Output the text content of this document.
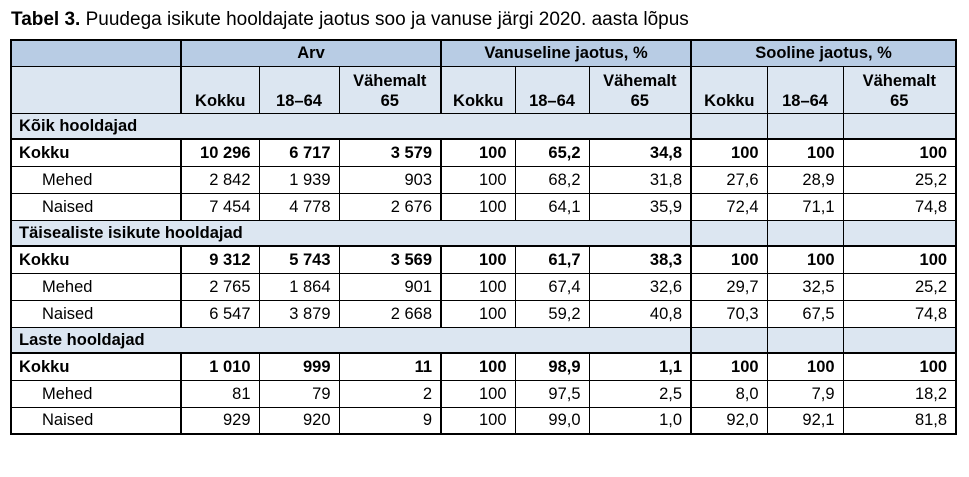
Tabel 3. Puudega isikute hooldajate jaotus soo ja vanuse järgi 2020. aasta lõpus
	Arv			Vanuseline jaotus, %			Sooline jaotus, %		
	Kokku	18–64	Vähemalt 65	Kokku	18–64	Vähemalt 65	Kokku	18–64	Vähemalt 65
Kõik hooldajad									
Kokku	10 296	6 717	3 579	100	65,2	34,8	100	100	100
Mehed	2 842	1 939	903	100	68,2	31,8	27,6	28,9	25,2
Naised	7 454	4 778	2 676	100	64,1	35,9	72,4	71,1	74,8
Täisealiste isikute hooldajad									
Kokku	9 312	5 743	3 569	100	61,7	38,3	100	100	100
Mehed	2 765	1 864	901	100	67,4	32,6	29,7	32,5	25,2
Naised	6 547	3 879	2 668	100	59,2	40,8	70,3	67,5	74,8
Laste hooldajad									
Kokku	1 010	999	11	100	98,9	1,1	100	100	100
Mehed	81	79	2	100	97,5	2,5	8,0	7,9	18,2
Naised	929	920	9	100	99,0	1,0	92,0	92,1	81,8
